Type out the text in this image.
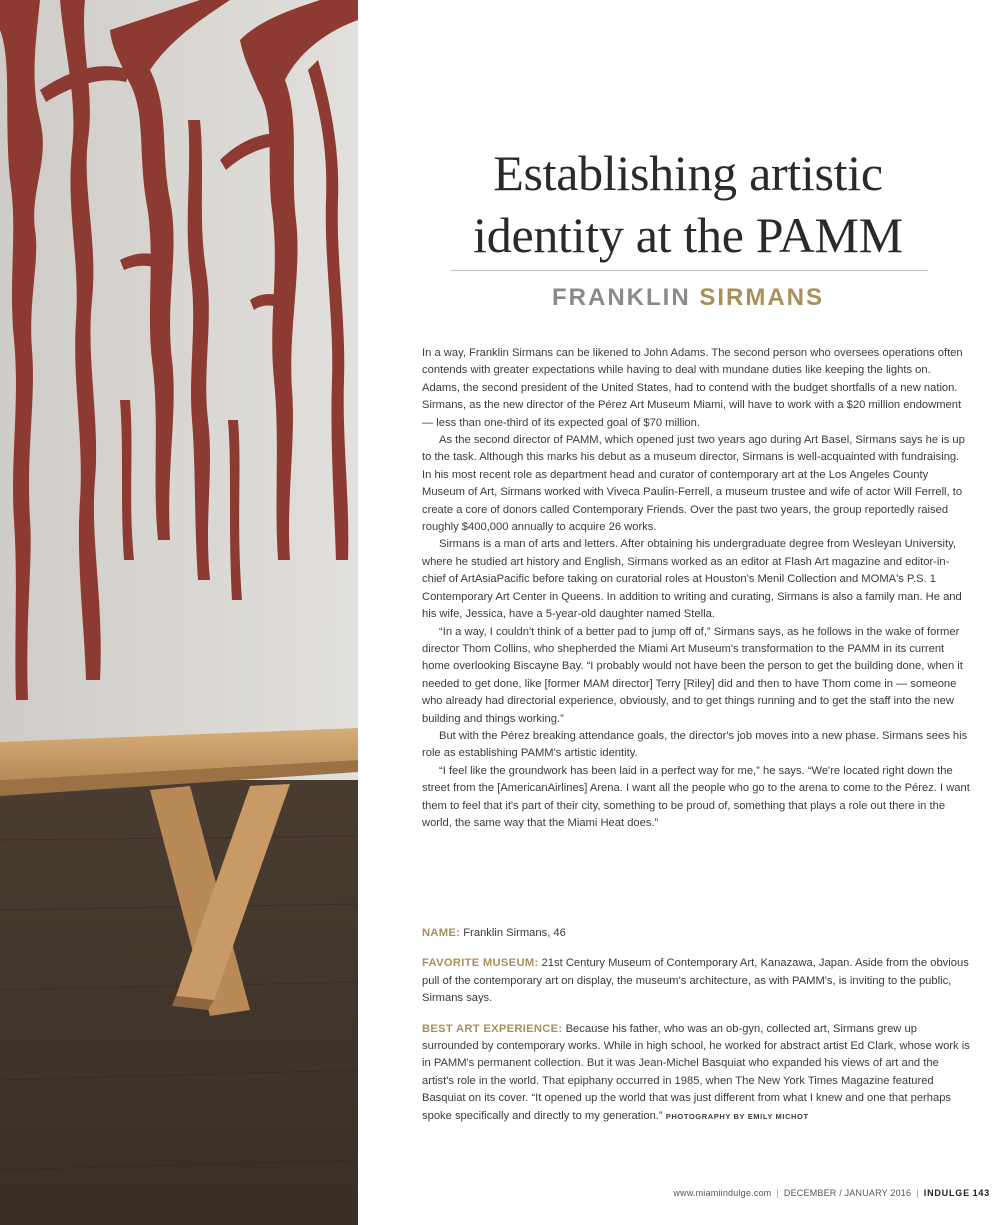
Establishing artistic
identity at the PAMM
FRANKLIN SIRMANS

In a way, Franklin Sirmans can be likened to John Adams. The second person who oversees operations often contends with greater expectations while having to deal with mundane duties like keeping the lights on. Adams, the second president of the United States, had to contend with the budget shortfalls of a new nation. Sirmans, as the new director of the Pérez Art Museum Miami, will have to work with a $20 million endowment — less than one-third of its expected goal of $70 million.

As the second director of PAMM, which opened just two years ago during Art Basel, Sirmans says he is up to the task. Although this marks his debut as a museum director, Sirmans is well-acquainted with fundraising. In his most recent role as department head and curator of contemporary art at the Los Angeles County Museum of Art, Sirmans worked with Viveca Paulin-Ferrell, a museum trustee and wife of actor Will Ferrell, to create a core of donors called Contemporary Friends. Over the past two years, the group reportedly raised roughly $400,000 annually to acquire 26 works.

Sirmans is a man of arts and letters. After obtaining his undergraduate degree from Wesleyan University, where he studied art history and English, Sirmans worked as an editor at Flash Art magazine and editor-in-chief of ArtAsiaPacific before taking on curatorial roles at Houston's Menil Collection and MOMA's P.S. 1 Contemporary Art Center in Queens. In addition to writing and curating, Sirmans is also a family man. He and his wife, Jessica, have a 5-year-old daughter named Stella.

“In a way, I couldn't think of a better pad to jump off of,” Sirmans says, as he follows in the wake of former director Thom Collins, who shepherded the Miami Art Museum's transformation to the PAMM in its current home overlooking Biscayne Bay. “I probably would not have been the person to get the building done, when it needed to get done, like [former MAM director] Terry [Riley] did and then to have Thom come in — someone who already had directorial experience, obviously, and to get things running and to get the staff into the new building and things working.”

But with the Pérez breaking attendance goals, the director's job moves into a new phase. Sirmans sees his role as establishing PAMM's artistic identity.

“I feel like the groundwork has been laid in a perfect way for me,” he says. “We're located right down the street from the [AmericanAirlines] Arena. I want all the people who go to the arena to come to the Pérez. I want them to feel that it's part of their city, something to be proud of, something that plays a role out there in the world, the same way that the Miami Heat does.”

NAME: Franklin Sirmans, 46

FAVORITE MUSEUM: 21st Century Museum of Contemporary Art, Kanazawa, Japan. Aside from the obvious pull of the contemporary art on display, the museum's architecture, as with PAMM's, is inviting to the public, Sirmans says.

BEST ART EXPERIENCE: Because his father, who was an ob-gyn, collected art, Sirmans grew up surrounded by contemporary works. While in high school, he worked for abstract artist Ed Clark, whose work is in PAMM's permanent collection. But it was Jean-Michel Basquiat who expanded his views of art and the artist's role in the world. That epiphany occurred in 1985, when The New York Times Magazine featured Basquiat on its cover. “It opened up the world that was just different from what I knew and one that perhaps spoke specifically and directly to my generation.” PHOTOGRAPHY BY EMILY MICHOT

www.miamiindulge.com | DECEMBER / JANUARY 2016 | INDULGE 143
